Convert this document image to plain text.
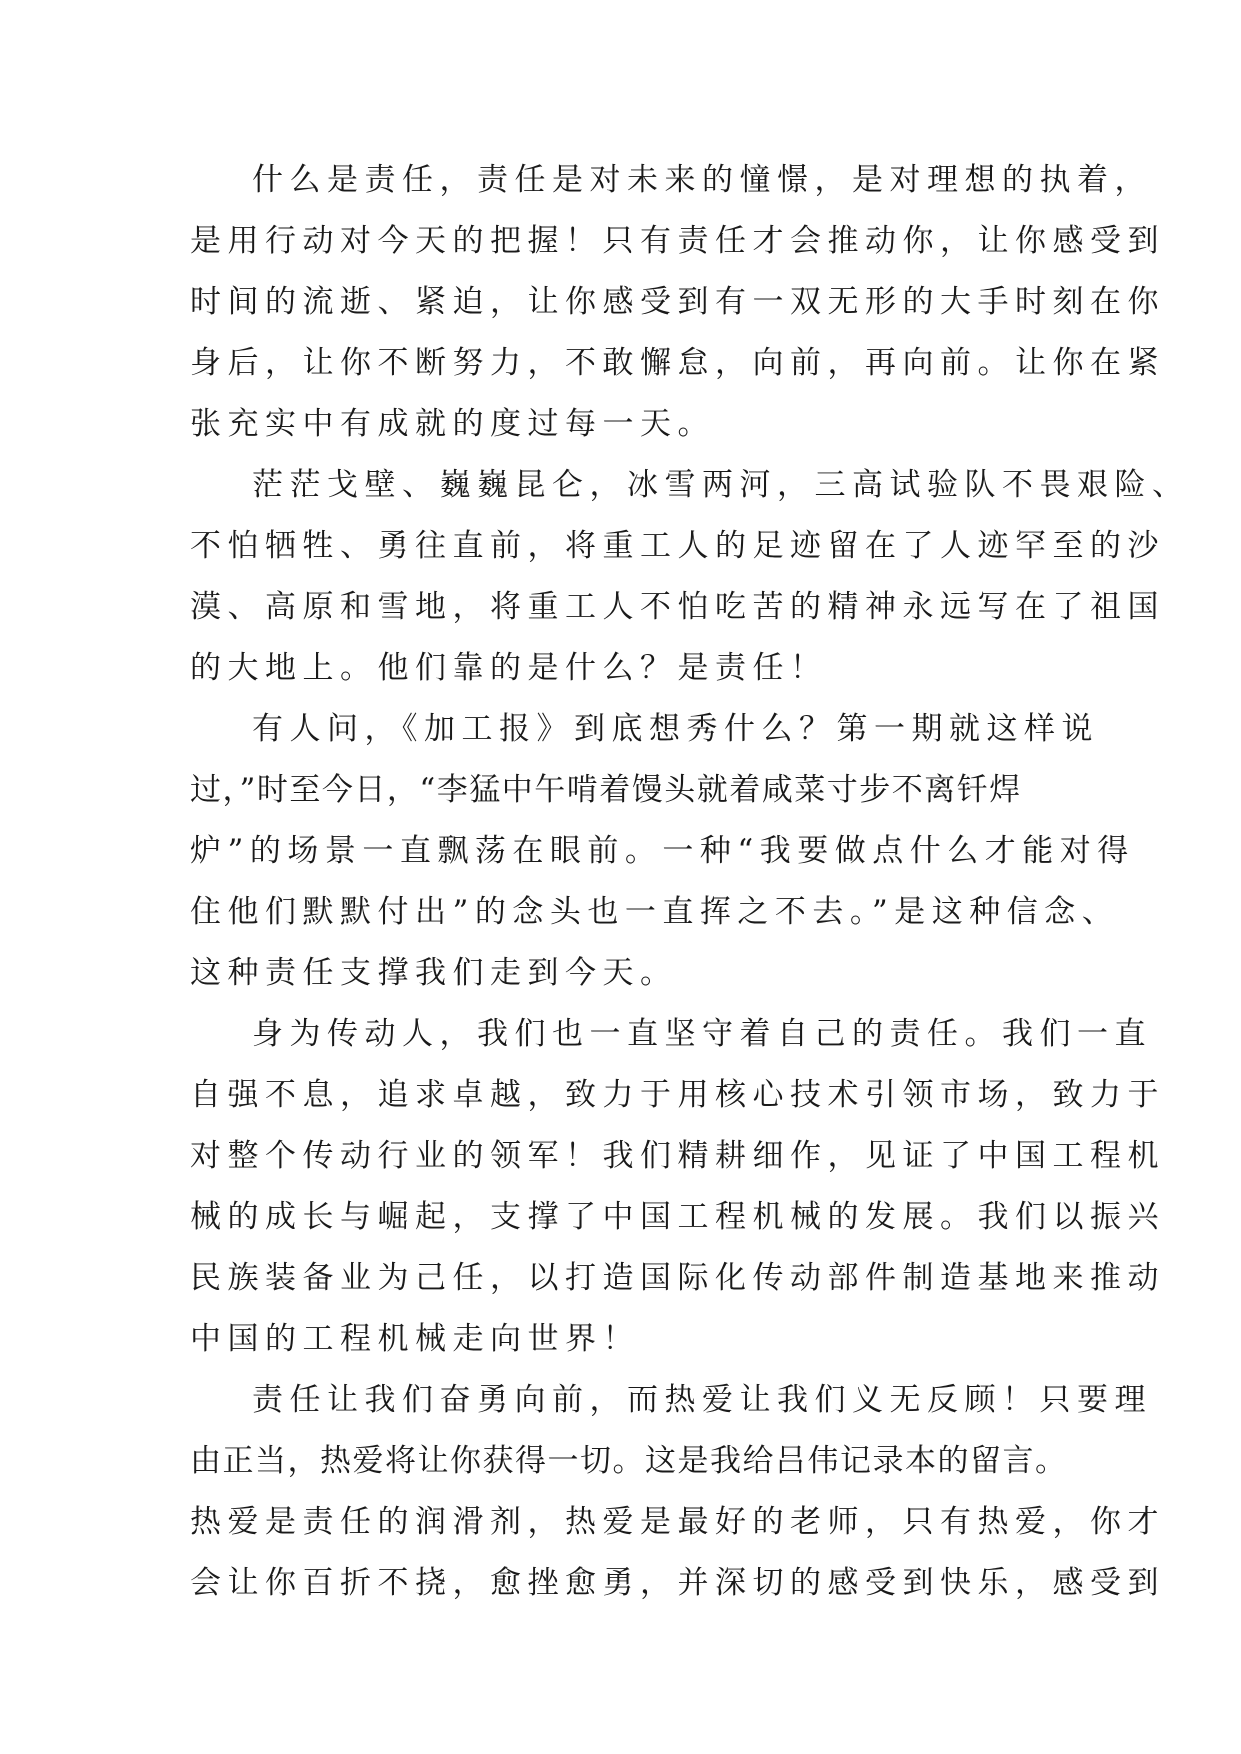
什么是责任，责任是对未来的憧憬，是对理想的执着，
是用行动对今天的把握！只有责任才会推动你，让你感受到
时间的流逝、紧迫，让你感受到有一双无形的大手时刻在你
身后，让你不断努力，不敢懈怠，向前，再向前。让你在紧
张充实中有成就的度过每一天。
茫茫戈壁、巍巍昆仑，冰雪两河，三高试验队不畏艰险、
不怕牺牲、勇往直前，将重工人的足迹留在了人迹罕至的沙
漠、高原和雪地，将重工人不怕吃苦的精神永远写在了祖国
的大地上。他们靠的是什么？是责任！
有人问，《加工报》到底想秀什么？第一期就这样说
过，”时至今日，“李猛中午啃着馒头就着咸菜寸步不离钎焊
炉”的场景一直飘荡在眼前。一种“我要做点什么才能对得
住他们默默付出”的念头也一直挥之不去。”是这种信念、
这种责任支撑我们走到今天。
身为传动人，我们也一直坚守着自己的责任。我们一直
自强不息，追求卓越，致力于用核心技术引领市场，致力于
对整个传动行业的领军！我们精耕细作，见证了中国工程机
械的成长与崛起，支撑了中国工程机械的发展。我们以振兴
民族装备业为己任，以打造国际化传动部件制造基地来推动
中国的工程机械走向世界！
责任让我们奋勇向前，而热爱让我们义无反顾！只要理
由正当，热爱将让你获得一切。这是我给吕伟记录本的留言。
热爱是责任的润滑剂，热爱是最好的老师，只有热爱，你才
会让你百折不挠，愈挫愈勇，并深切的感受到快乐，感受到
